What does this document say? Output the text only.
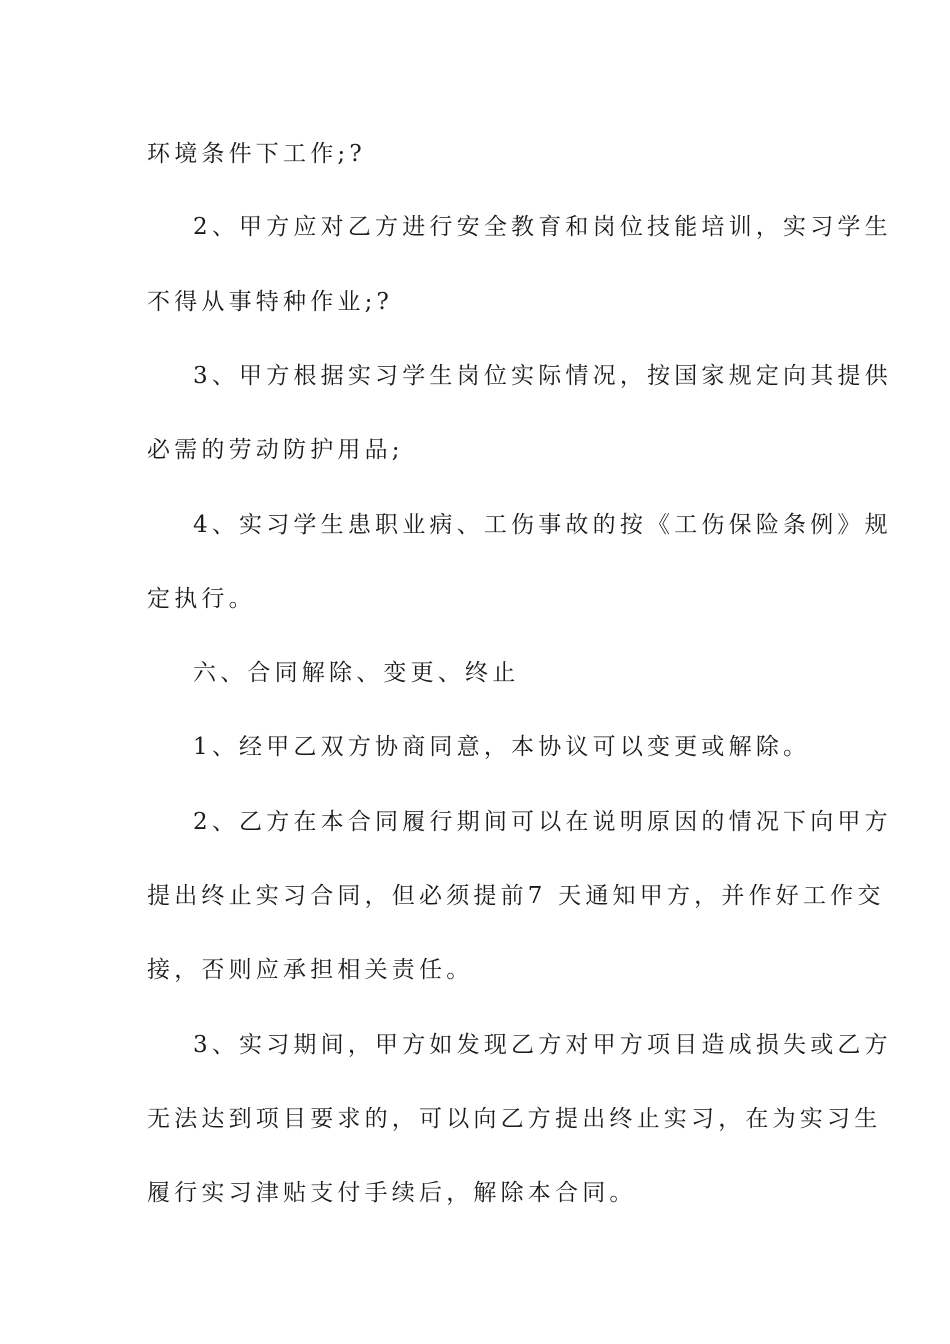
环境条件下工作;?
2、甲方应对乙方进行安全教育和岗位技能培训，实习学生
不得从事特种作业;?
3、甲方根据实习学生岗位实际情况，按国家规定向其提供
必需的劳动防护用品;
4、实习学生患职业病、工伤事故的按《工伤保险条例》规
定执行。
六、合同解除、变更、终止
1、经甲乙双方协商同意，本协议可以变更或解除。
2、乙方在本合同履行期间可以在说明原因的情况下向甲方
提出终止实习合同，但必须提前7 天通知甲方，并作好工作交
接，否则应承担相关责任。
3、实习期间，甲方如发现乙方对甲方项目造成损失或乙方
无法达到项目要求的，可以向乙方提出终止实习，在为实习生
履行实习津贴支付手续后，解除本合同。
